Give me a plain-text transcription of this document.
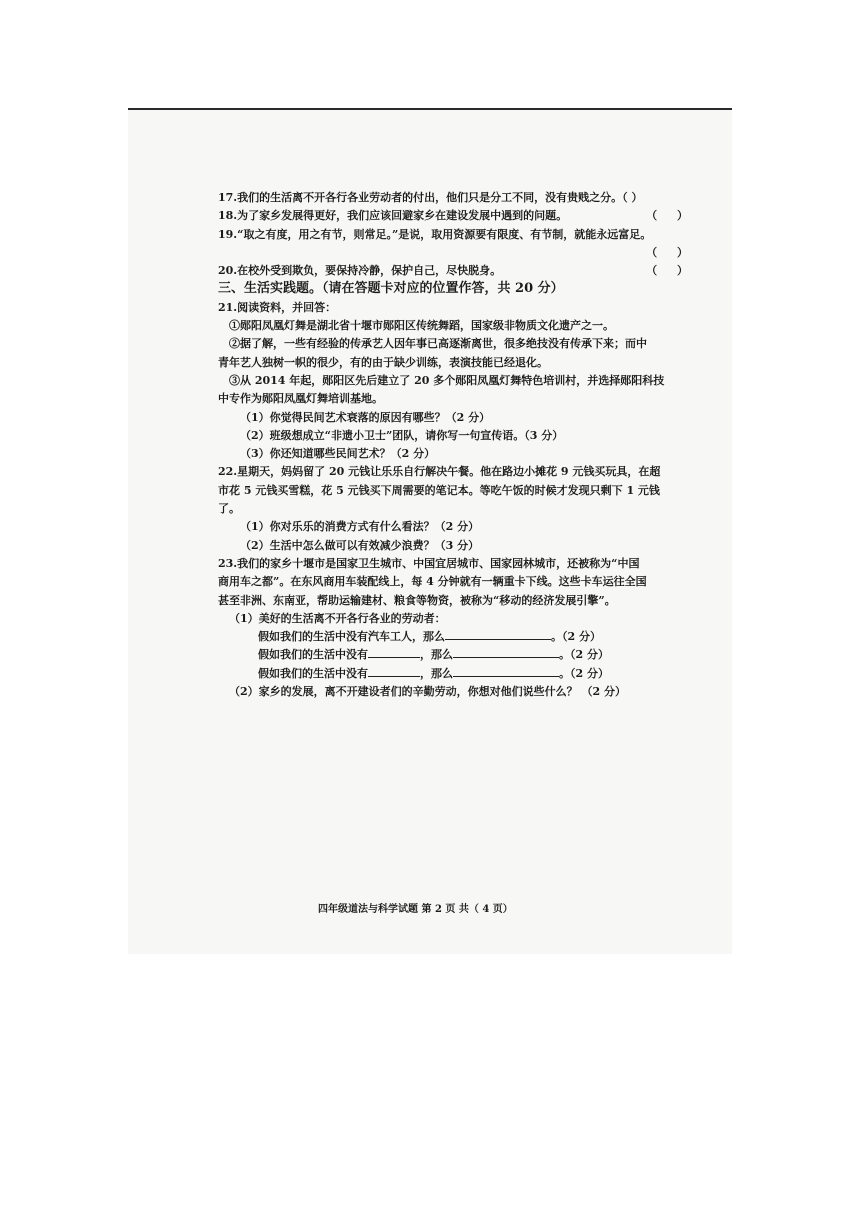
17.我们的生活离不开各行各业劳动者的付出，他们只是分工不同，没有贵贱之分。（ ）
18.为了家乡发展得更好，我们应该回避家乡在建设发展中遇到的问题。	（ ）
19.“取之有度，用之有节，则常足。”是说，取用资源要有限度、有节制，就能永远富足。
（ ）
20.在校外受到欺负，要保持冷静，保护自己，尽快脱身。	（ ）
三、生活实践题。（请在答题卡对应的位置作答，共 20 分）
21.阅读资料，并回答：
①郧阳凤凰灯舞是湖北省十堰市郧阳区传统舞蹈，国家级非物质文化遗产之一。
②据了解，一些有经验的传承艺人因年事已高逐渐离世，很多绝技没有传承下来；而中
青年艺人独树一帜的很少，有的由于缺少训练，表演技能已经退化。
③从 2014 年起，郧阳区先后建立了 20 多个郧阳凤凰灯舞特色培训村，并选择郧阳科技
中专作为郧阳凤凰灯舞培训基地。
（1）你觉得民间艺术衰落的原因有哪些？（2 分）
（2）班级想成立“非遗小卫士”团队，请你写一句宣传语。（3 分）
（3）你还知道哪些民间艺术？（2 分）
22.星期天，妈妈留了 20 元钱让乐乐自行解决午餐。他在路边小摊花 9 元钱买玩具，在超
市花 5 元钱买雪糕，花 5 元钱买下周需要的笔记本。等吃午饭的时候才发现只剩下 1 元钱
了。
（1）你对乐乐的消费方式有什么看法？（2 分）
（2）生活中怎么做可以有效减少浪费？（3 分）
23.我们的家乡十堰市是国家卫生城市、中国宜居城市、国家园林城市，还被称为“中国
商用车之都”。在东风商用车装配线上，每 4 分钟就有一辆重卡下线。这些卡车运往全国
甚至非洲、东南亚，帮助运输建材、粮食等物资，被称为“移动的经济发展引擎”。
（1）美好的生活离不开各行各业的劳动者：
假如我们的生活中没有汽车工人，那么	。（2 分）
假如我们的生活中没有	，那么	。（2 分）
假如我们的生活中没有	，那么	。（2 分）
（2）家乡的发展，离不开建设者们的辛勤劳动，你想对他们说些什么？ （2 分）
四年级道法与科学试题 第 2 页 共（ 4 页）
